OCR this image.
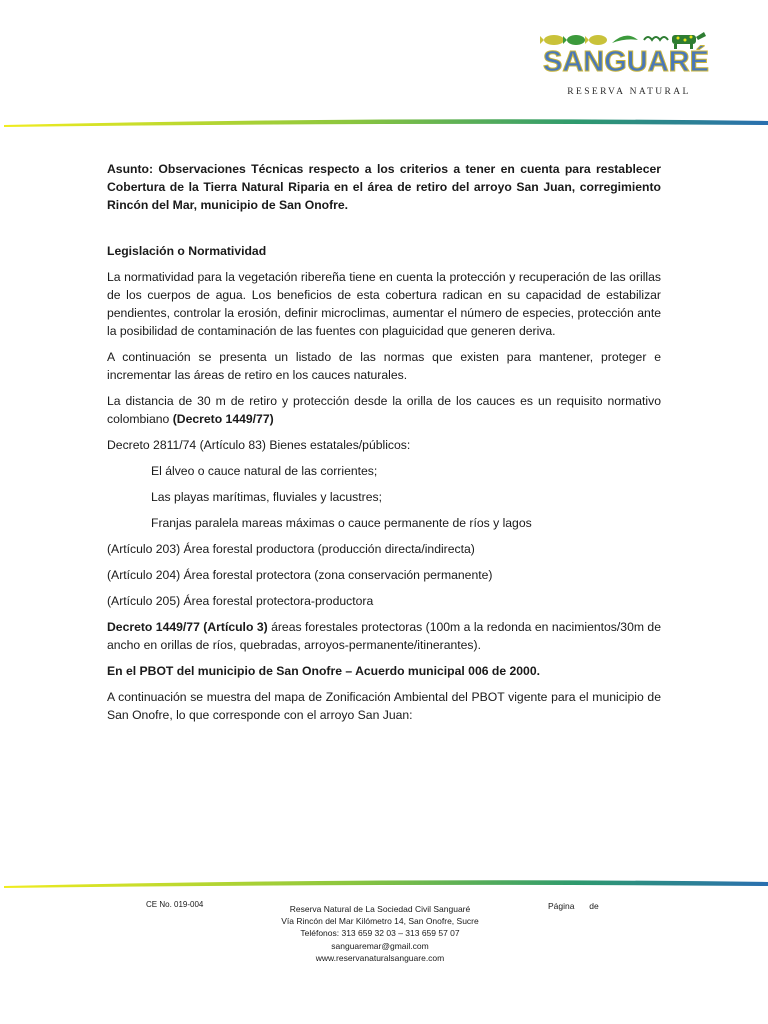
SANGUARÉ
RESERVA NATURAL

Asunto: Observaciones Técnicas respecto a los criterios a tener en cuenta para restablecer Cobertura de la Tierra Natural Riparia en el área de retiro del arroyo San Juan, corregimiento Rincón del Mar, municipio de San Onofre.

Legislación o Normatividad

La normatividad para la vegetación ribereña tiene en cuenta la protección y recuperación de las orillas de los cuerpos de agua. Los beneficios de esta cobertura radican en su capacidad de estabilizar pendientes, controlar la erosión, definir microclimas, aumentar el número de especies, protección ante la posibilidad de contaminación de las fuentes con plaguicidad que generen deriva.

A continuación se presenta un listado de las normas que existen para mantener, proteger e incrementar las áreas de retiro en los cauces naturales.

La distancia de 30 m de retiro y protección desde la orilla de los cauces es un requisito normativo colombiano (Decreto 1449/77)

Decreto 2811/74 (Artículo 83) Bienes estatales/públicos:

El álveo o cauce natural de las corrientes;

Las playas marítimas, fluviales y lacustres;

Franjas paralela mareas máximas o cauce permanente de ríos y lagos

(Artículo 203) Área forestal productora (producción directa/indirecta)

(Artículo 204) Área forestal protectora (zona conservación permanente)

(Artículo 205) Área forestal protectora-productora

Decreto 1449/77 (Artículo 3) áreas forestales protectoras (100m a la redonda en nacimientos/30m de ancho en orillas de ríos, quebradas, arroyos-permanente/itinerantes).

En el PBOT del municipio de San Onofre – Acuerdo municipal 006 de 2000.

A continuación se muestra del mapa de Zonificación Ambiental del PBOT vigente para el municipio de San Onofre, lo que corresponde con el arroyo San Juan:

CE No. 019-004	Reserva Natural de La Sociedad Civil Sanguaré
Vía Rincón del Mar Kilómetro 14, San Onofre, Sucre
Teléfonos: 313 659 32 03 – 313 659 57 07
sanguaremar@gmail.com
www.reservanaturalsanguare.com
Página de
